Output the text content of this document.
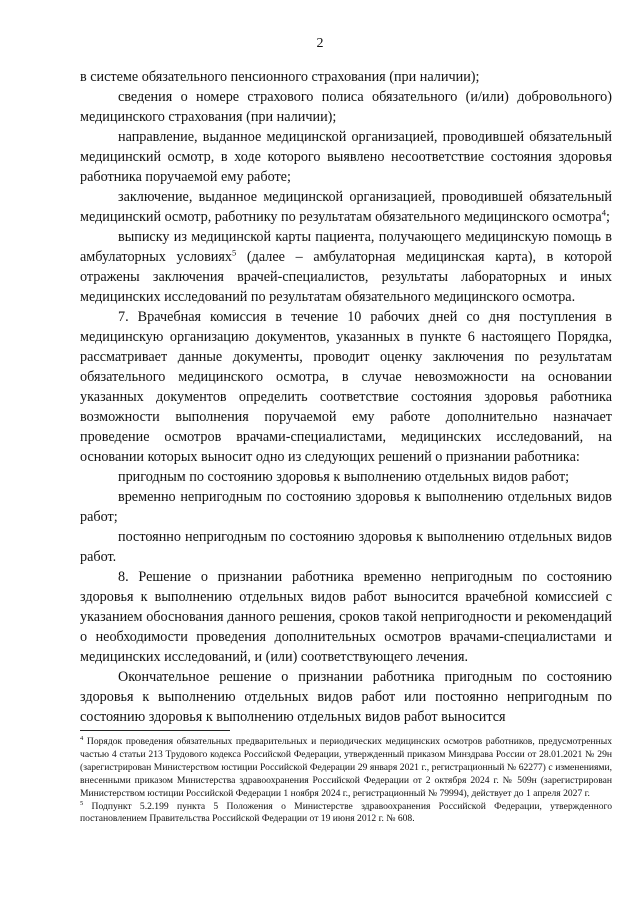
2

в системе обязательного пенсионного страхования (при наличии);

сведения о номере страхового полиса обязательного (и/или) добровольного) медицинского страхования (при наличии);

направление, выданное медицинской организацией, проводившей обязательный медицинский осмотр, в ходе которого выявлено несоответствие состояния здоровья работника поручаемой ему работе;

заключение, выданное медицинской организацией, проводившей обязательный медицинский осмотр, работнику по результатам обязательного медицинского осмотра$^4$;

выписку из медицинской карты пациента, получающего медицинскую помощь в амбулаторных условиях$^5$ (далее – амбулаторная медицинская карта), в которой отражены заключения врачей-специалистов, результаты лабораторных и иных медицинских исследований по результатам обязательного медицинского осмотра.

7. Врачебная комиссия в течение 10 рабочих дней со дня поступления в медицинскую организацию документов, указанных в пункте 6 настоящего Порядка, рассматривает данные документы, проводит оценку заключения по результатам обязательного медицинского осмотра, в случае невозможности на основании указанных документов определить соответствие состояния здоровья работника возможности выполнения поручаемой ему работе дополнительно назначает проведение осмотров врачами-специалистами, медицинских исследований, на основании которых выносит одно из следующих решений о признании работника:

пригодным по состоянию здоровья к выполнению отдельных видов работ;

временно непригодным по состоянию здоровья к выполнению отдельных видов работ;

постоянно непригодным по состоянию здоровья к выполнению отдельных видов работ.

8. Решение о признании работника временно непригодным по состоянию здоровья к выполнению отдельных видов работ выносится врачебной комиссией с указанием обоснования данного решения, сроков такой непригодности и рекомендаций о необходимости проведения дополнительных осмотров врачами-специалистами и медицинских исследований, и (или) соответствующего лечения.

Окончательное решение о признании работника пригодным по состоянию здоровья к выполнению отдельных видов работ или постоянно непригодным по состоянию здоровья к выполнению отдельных видов работ выносится

$^4$ Порядок проведения обязательных предварительных и периодических медицинских осмотров работников, предусмотренных частью 4 статьи 213 Трудового кодекса Российской Федерации, утвержденный приказом Минздрава России от 28.01.2021 № 29н (зарегистрирован Министерством юстиции Российской Федерации 29 января 2021 г., регистрационный № 62277) с изменениями, внесенными приказом Министерства здравоохранения Российской Федерации от 2 октября 2024 г. № 509н (зарегистрирован Министерством юстиции Российской Федерации 1 ноября 2024 г., регистрационный № 79994), действует до 1 апреля 2027 г.

$^5$ Подпункт 5.2.199 пункта 5 Положения о Министерстве здравоохранения Российской Федерации, утвержденного постановлением Правительства Российской Федерации от 19 июня 2012 г. № 608.
